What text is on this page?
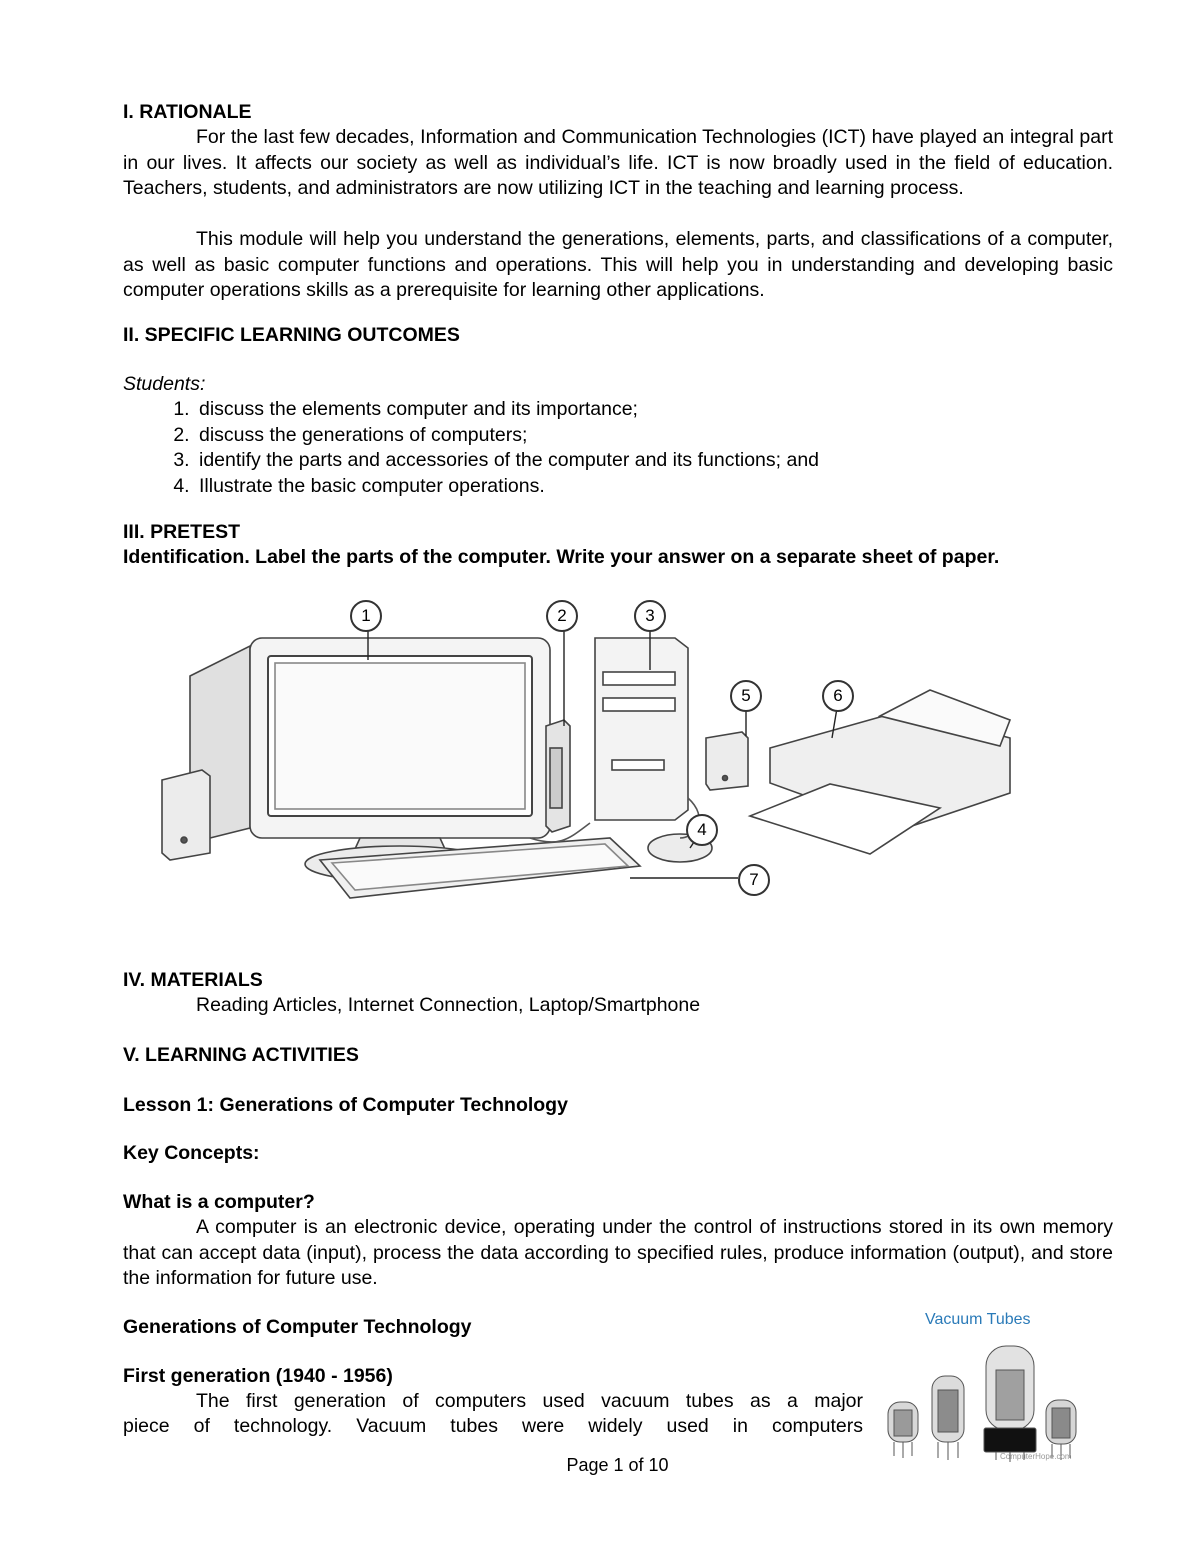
I. RATIONALE
For the last few decades, Information and Communication Technologies (ICT) have played an integral part in our lives. It affects our society as well as individual’s life. ICT is now broadly used in the field of education. Teachers, students, and administrators are now utilizing ICT in the teaching and learning process.
This module will help you understand the generations, elements, parts, and classifications of a computer, as well as basic computer functions and operations. This will help you in understanding and developing basic computer operations skills as a prerequisite for learning other applications.
II. SPECIFIC LEARNING OUTCOMES
Students:
1. discuss the elements computer and its importance;
2. discuss the generations of computers;
3. identify the parts and accessories of the computer and its functions; and
4. Illustrate the basic computer operations.
III. PRETEST
Identification. Label the parts of the computer. Write your answer on a separate sheet of paper.
1	2	3
4
5	6
7
IV. MATERIALS
Reading Articles, Internet Connection, Laptop/Smartphone
V. LEARNING ACTIVITIES
Lesson 1: Generations of Computer Technology
Key Concepts:
What is a computer?
A computer is an electronic device, operating under the control of instructions stored in its own memory that can accept data (input), process the data according to specified rules, produce information (output), and store the information for future use.
Generations of Computer Technology
First generation (1940 - 1956)
The first generation of computers used vacuum tubes as a major
piece of technology. Vacuum tubes were widely used in computers
Vacuum Tubes
ComputerHope.com
Page 1 of 10
